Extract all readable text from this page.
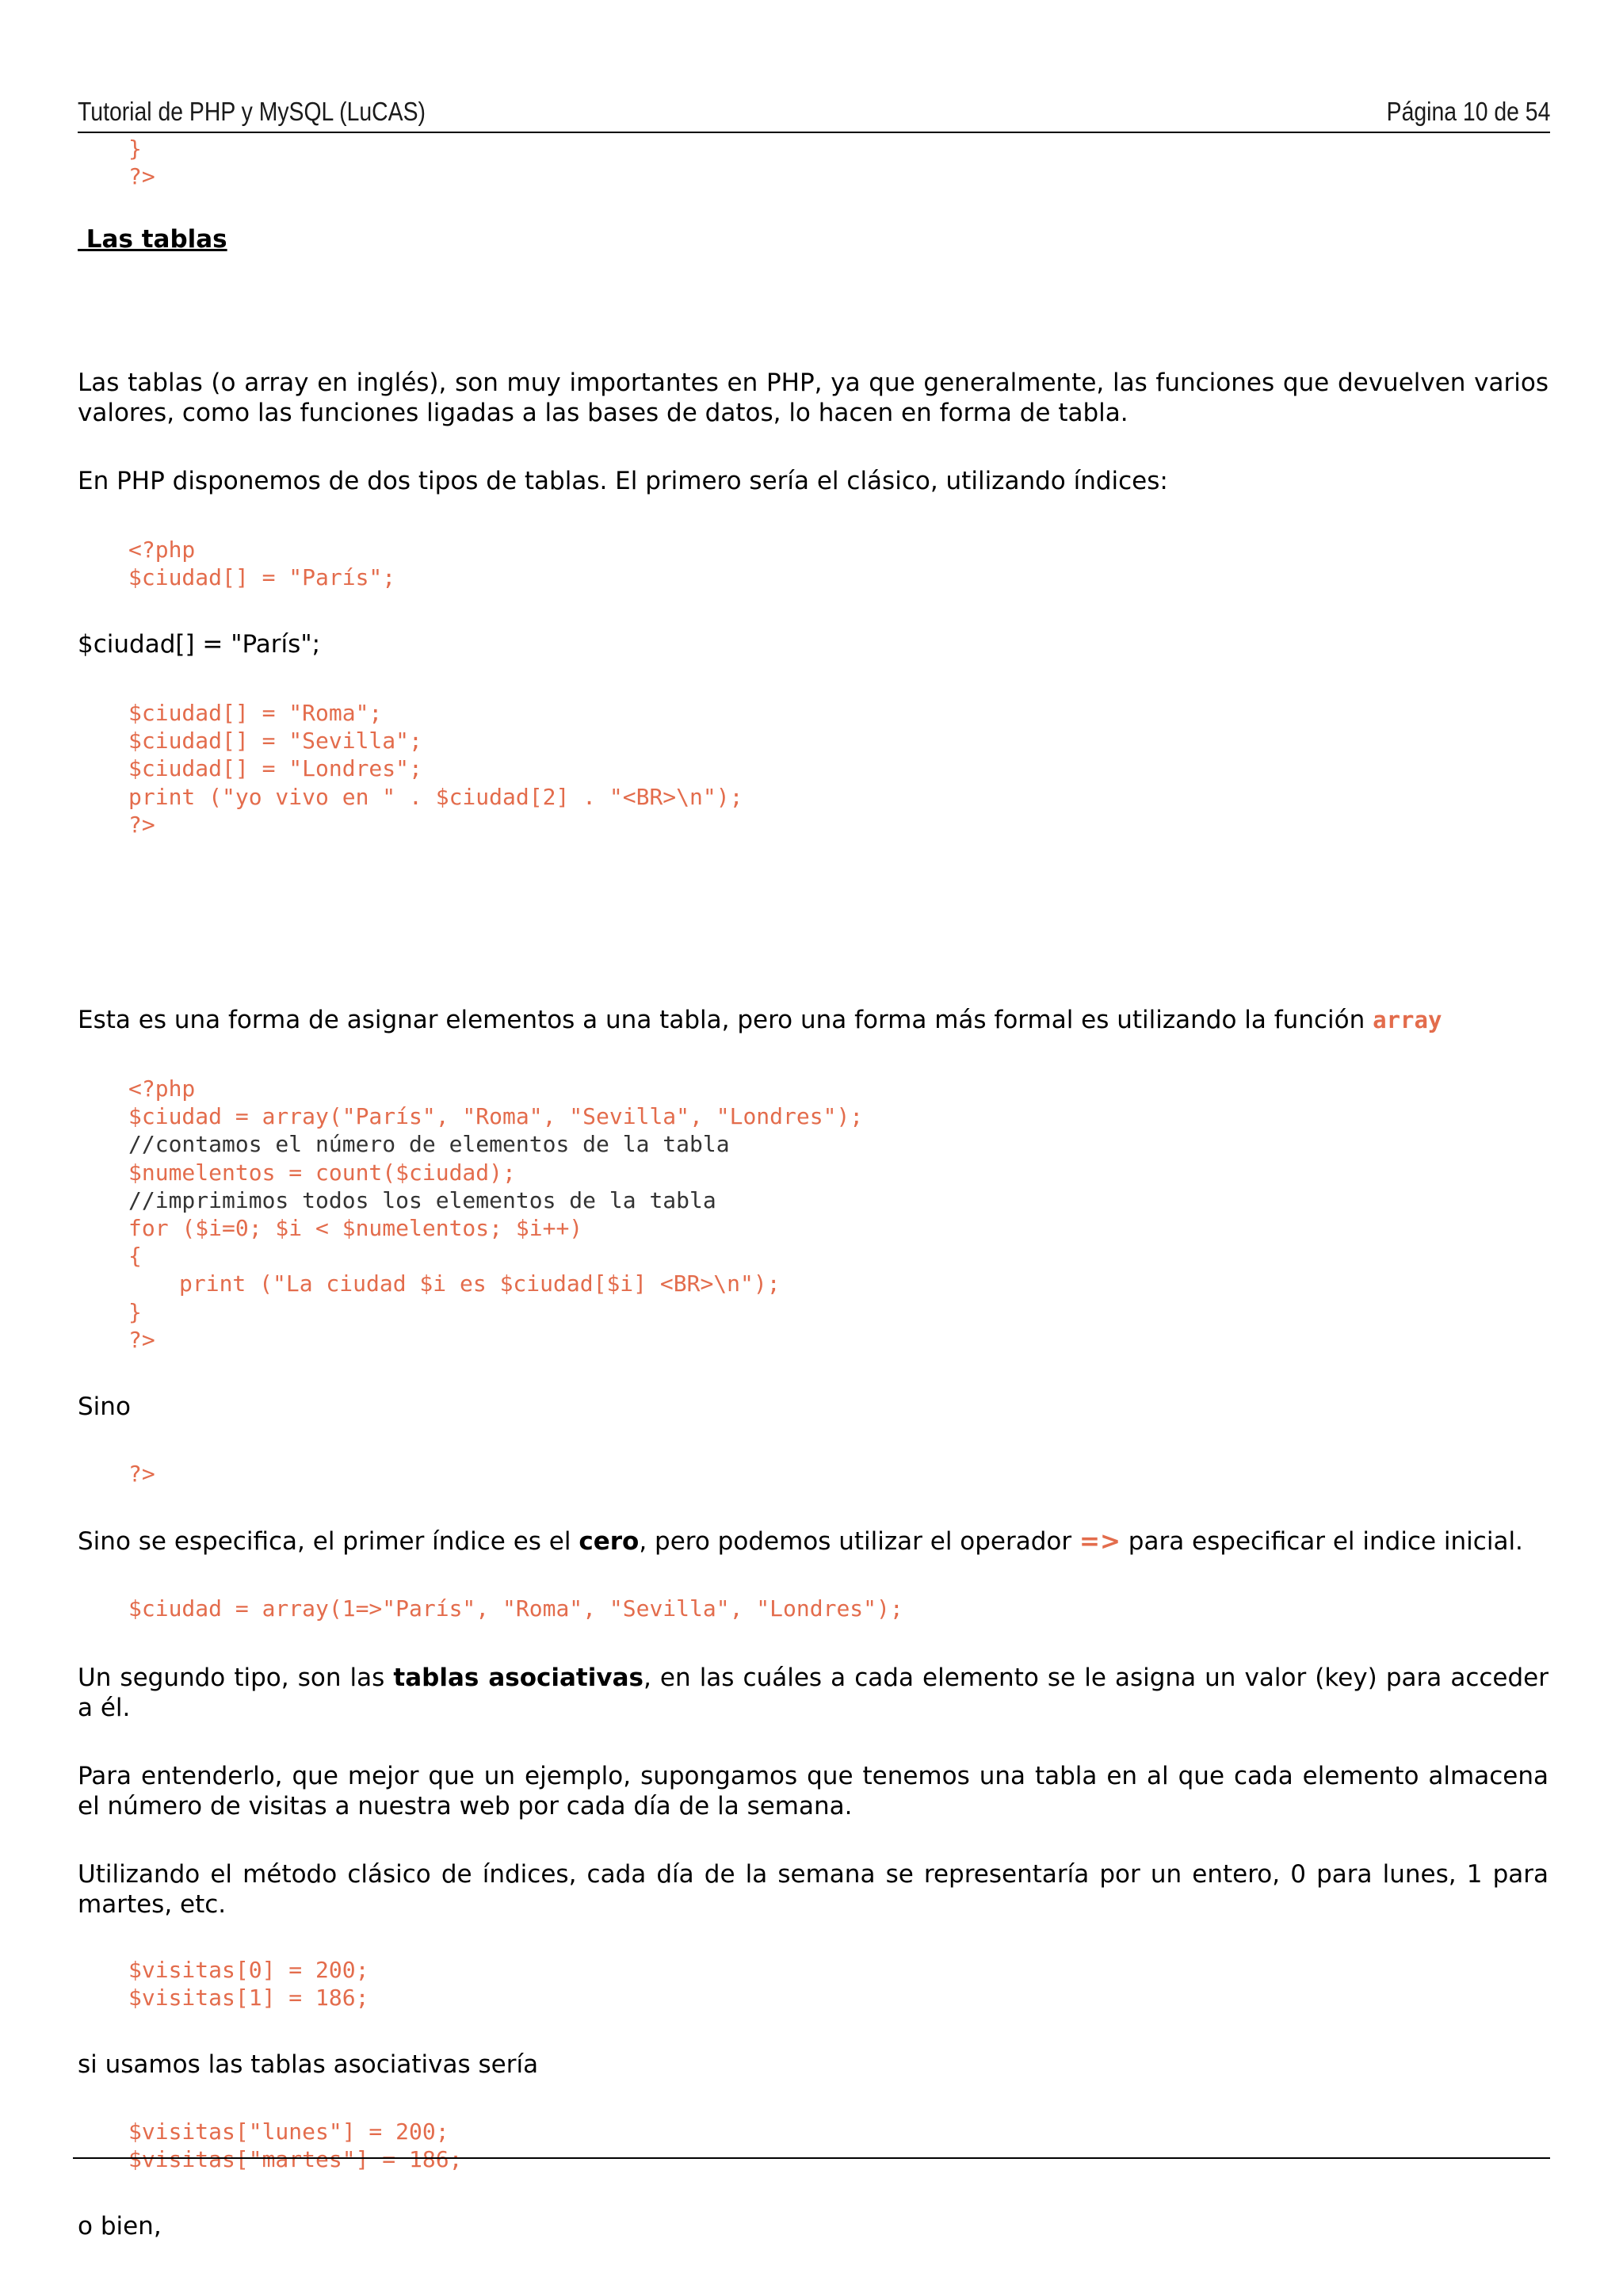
Tutorial de PHP y MySQL (LuCAS)	Página 10 de 54
}
?>
Las tablas
Las tablas (o array en inglés), son muy importantes en PHP, ya que generalmente, las funciones que devuelven varios valores, como las funciones ligadas a las bases de datos, lo hacen en forma de tabla.
En PHP disponemos de dos tipos de tablas. El primero sería el clásico, utilizando índices:
<?php
$ciudad[] = "París";
$ciudad[] = "París";
$ciudad[] = "Roma";
$ciudad[] = "Sevilla";
$ciudad[] = "Londres";
print ("yo vivo en " . $ciudad[2] . "<BR>\n");
?>
Esta es una forma de asignar elementos a una tabla, pero una forma más formal es utilizando la función array
<?php
$ciudad = array("París", "Roma", "Sevilla", "Londres");
//contamos el número de elementos de la tabla
$numelentos = count($ciudad);
//imprimimos todos los elementos de la tabla
for ($i=0; $i < $numelentos; $i++)
{
print ("La ciudad $i es $ciudad[$i] <BR>\n");
}
?>
Sino
?>
Sino se especifica, el primer índice es el cero, pero podemos utilizar el operador => para especificar el indice inicial.
$ciudad = array(1=>"París", "Roma", "Sevilla", "Londres");
Un segundo tipo, son las tablas asociativas, en las cuáles a cada elemento se le asigna un valor (key) para acceder a él.
Para entenderlo, que mejor que un ejemplo, supongamos que tenemos una tabla en al que cada elemento almacena el número de visitas a nuestra web por cada día de la semana.
Utilizando el método clásico de índices, cada día de la semana se representaría por un entero, 0 para lunes, 1 para martes, etc.
$visitas[0] = 200;
$visitas[1] = 186;
si usamos las tablas asociativas sería
$visitas["lunes"] = 200;
$visitas["martes"] = 186;
o bien,
